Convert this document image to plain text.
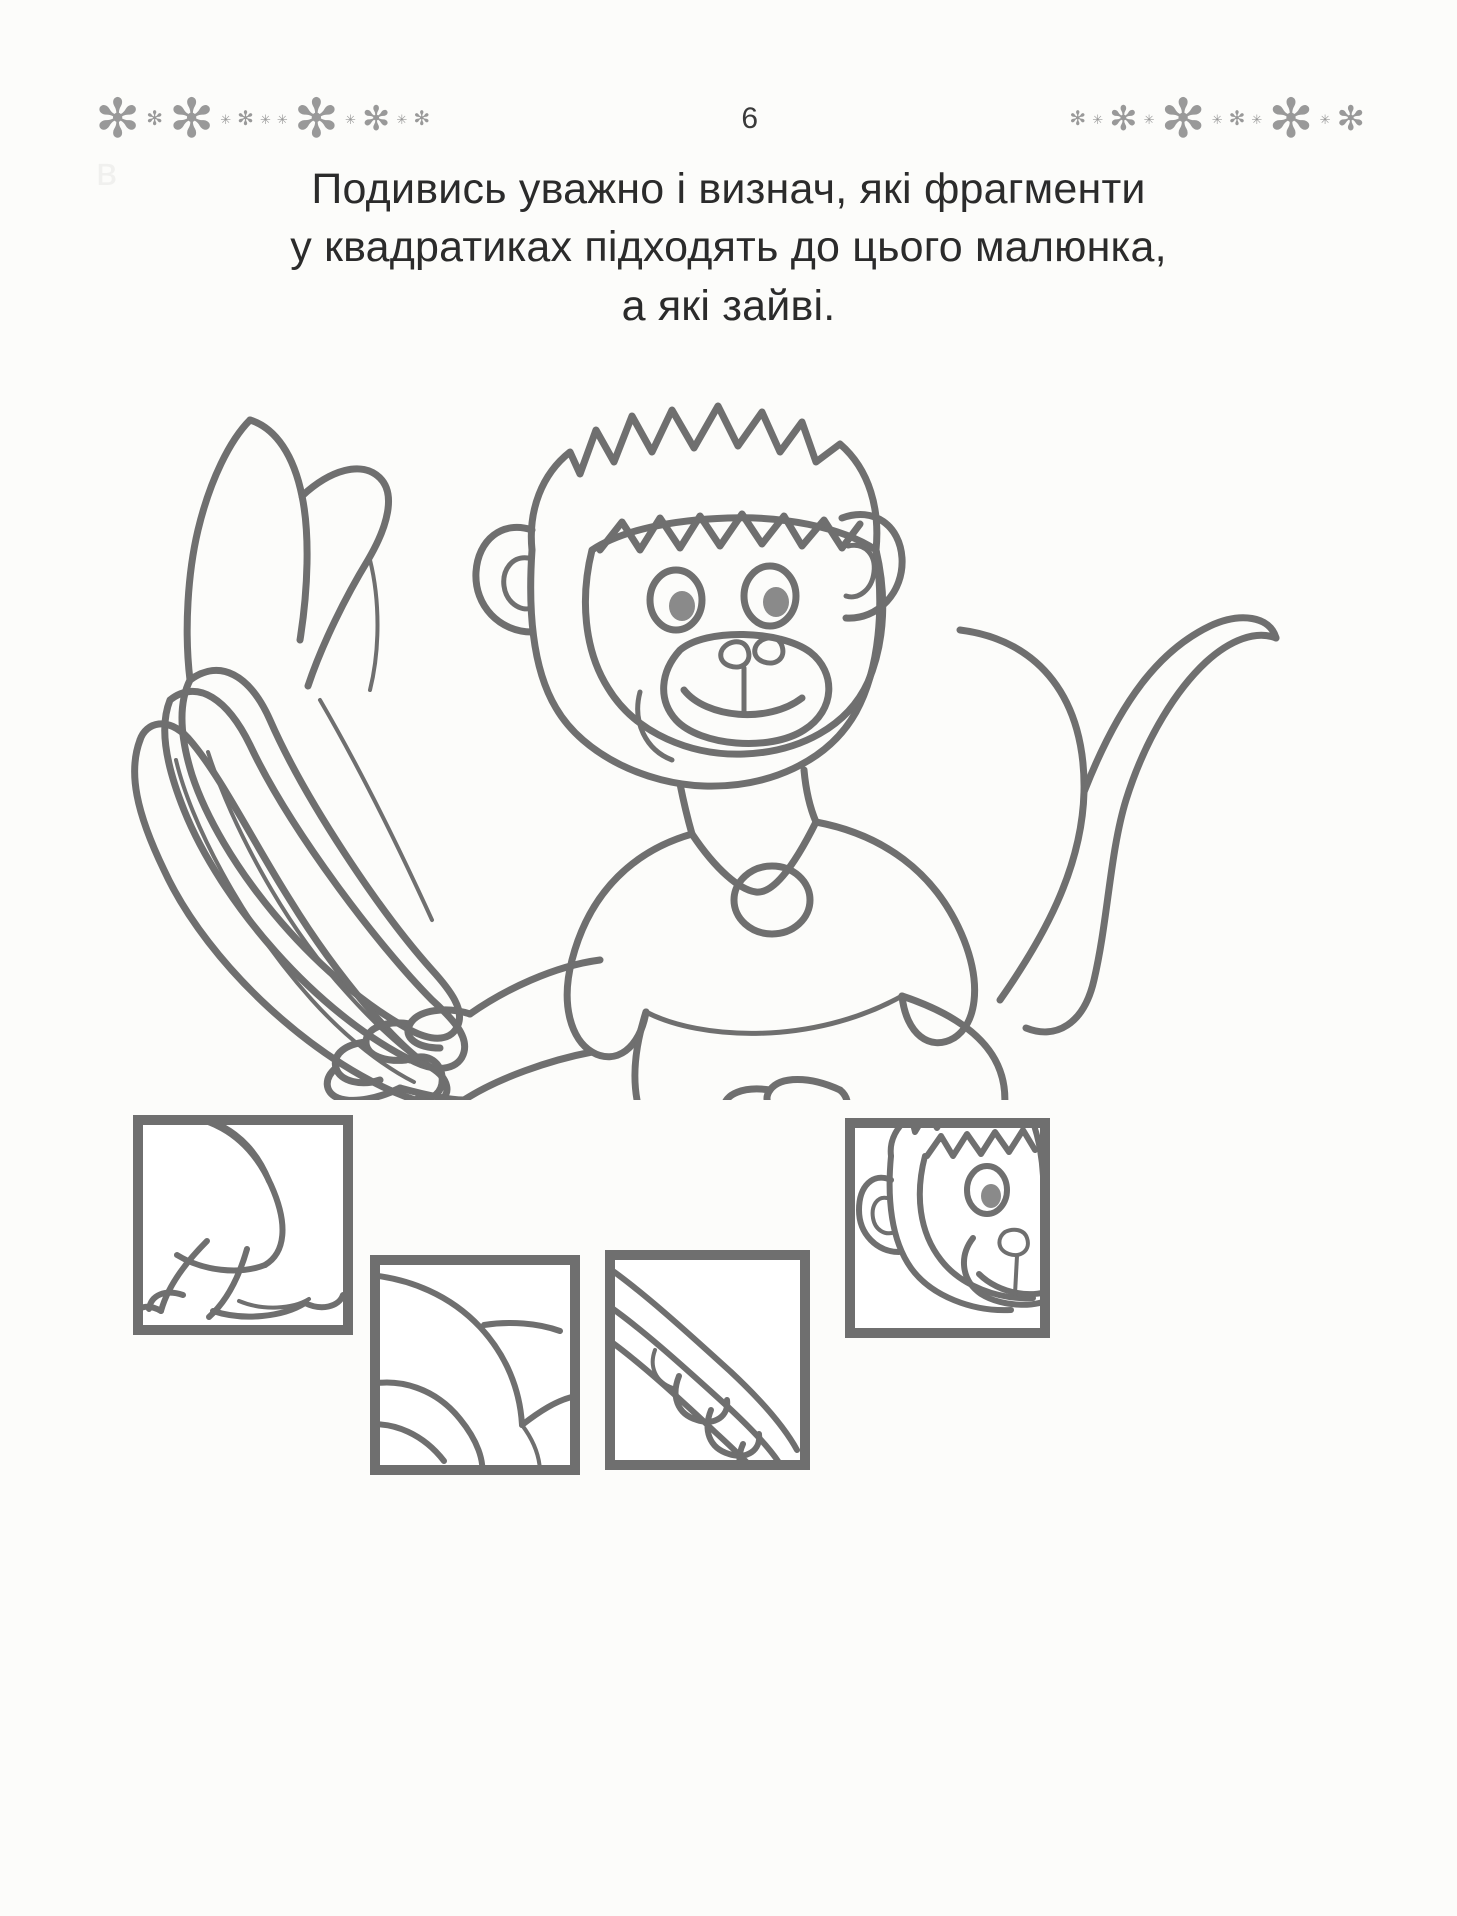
в
✻ ✻ ✻ ✳ ✻ ✳ ✳ ✻ ✳ ✻ ✳ ✻	6	✻ ✳ ✻ ✳ ✻ ✳ ✻ ✳ ✻ ✳ ✻
Подивись уважно і визнач, які фрагменти
у квадратиках підходять до цього малюнка,
а які зайві.
